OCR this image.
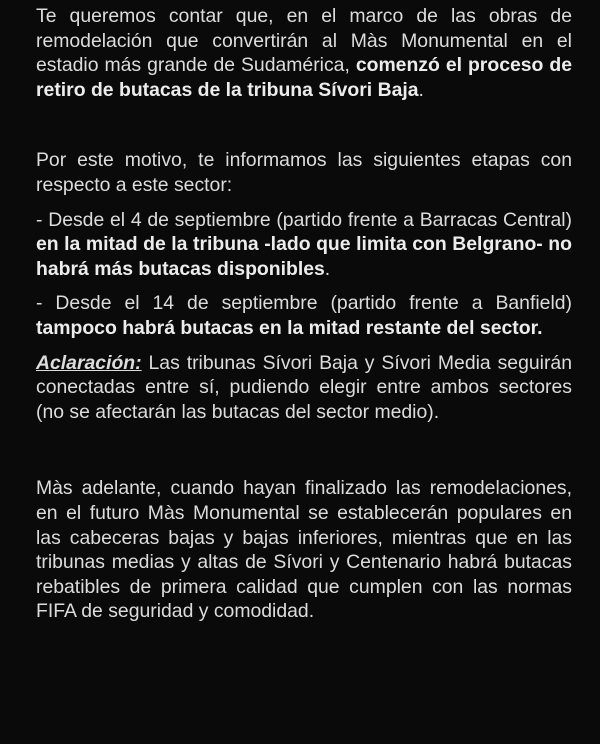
Te queremos contar que, en el marco de las obras de remodelación que convertirán al Màs Monumental en el estadio más grande de Sudamérica, comenzó el proceso de retiro de butacas de la tribuna Sívori Baja.

Por este motivo, te informamos las siguientes etapas con respecto a este sector:

- Desde el 4 de septiembre (partido frente a Barracas Central) en la mitad de la tribuna -lado que limita con Belgrano- no habrá más butacas disponibles.

- Desde el 14 de septiembre (partido frente a Banfield) tampoco habrá butacas en la mitad restante del sector.

Aclaración: Las tribunas Sívori Baja y Sívori Media seguirán conectadas entre sí, pudiendo elegir entre ambos sectores (no se afectarán las butacas del sector medio).

Màs adelante, cuando hayan finalizado las remodelaciones, en el futuro Màs Monumental se establecerán populares en las cabeceras bajas y bajas inferiores, mientras que en las tribunas medias y altas de Sívori y Centenario habrá butacas rebatibles de primera calidad que cumplen con las normas FIFA de seguridad y comodidad.
